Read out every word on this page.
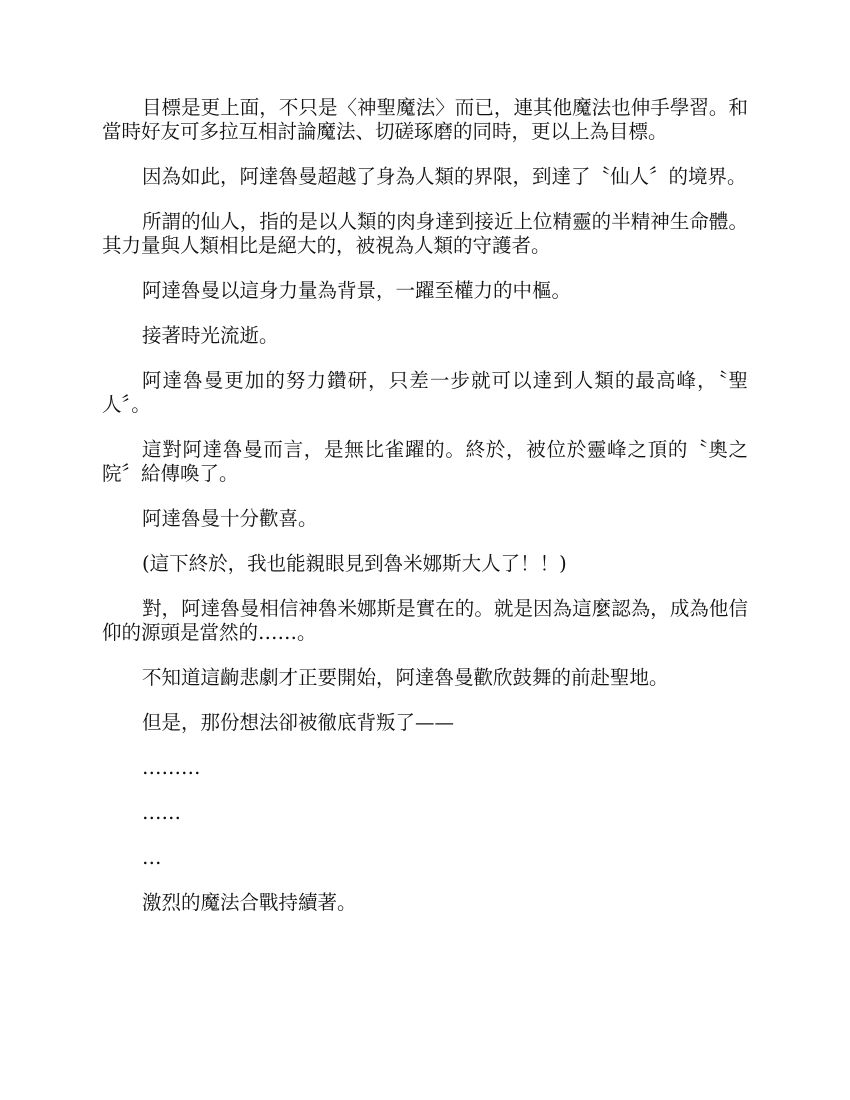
目標是更上面，不只是〈神聖魔法〉而已，連其他魔法也伸手學習。和當時好友可多拉互相討論魔法、切磋琢磨的同時，更以上為目標。

因為如此，阿達魯曼超越了身為人類的界限，到達了〝仙人〞的境界。

所謂的仙人，指的是以人類的肉身達到接近上位精靈的半精神生命體。其力量與人類相比是絕大的，被視為人類的守護者。

阿達魯曼以這身力量為背景，一躍至權力的中樞。

接著時光流逝。

阿達魯曼更加的努力鑽研，只差一步就可以達到人類的最高峰，〝聖人〞。

這對阿達魯曼而言，是無比雀躍的。終於，被位於靈峰之頂的〝奧之院〞給傳喚了。

阿達魯曼十分歡喜。

(這下終於，我也能親眼見到魯米娜斯大人了！！)

對，阿達魯曼相信神魯米娜斯是實在的。就是因為這麼認為，成為他信仰的源頭是當然的……。

不知道這齣悲劇才正要開始，阿達魯曼歡欣鼓舞的前赴聖地。

但是，那份想法卻被徹底背叛了——

………

……

…

激烈的魔法合戰持續著。
